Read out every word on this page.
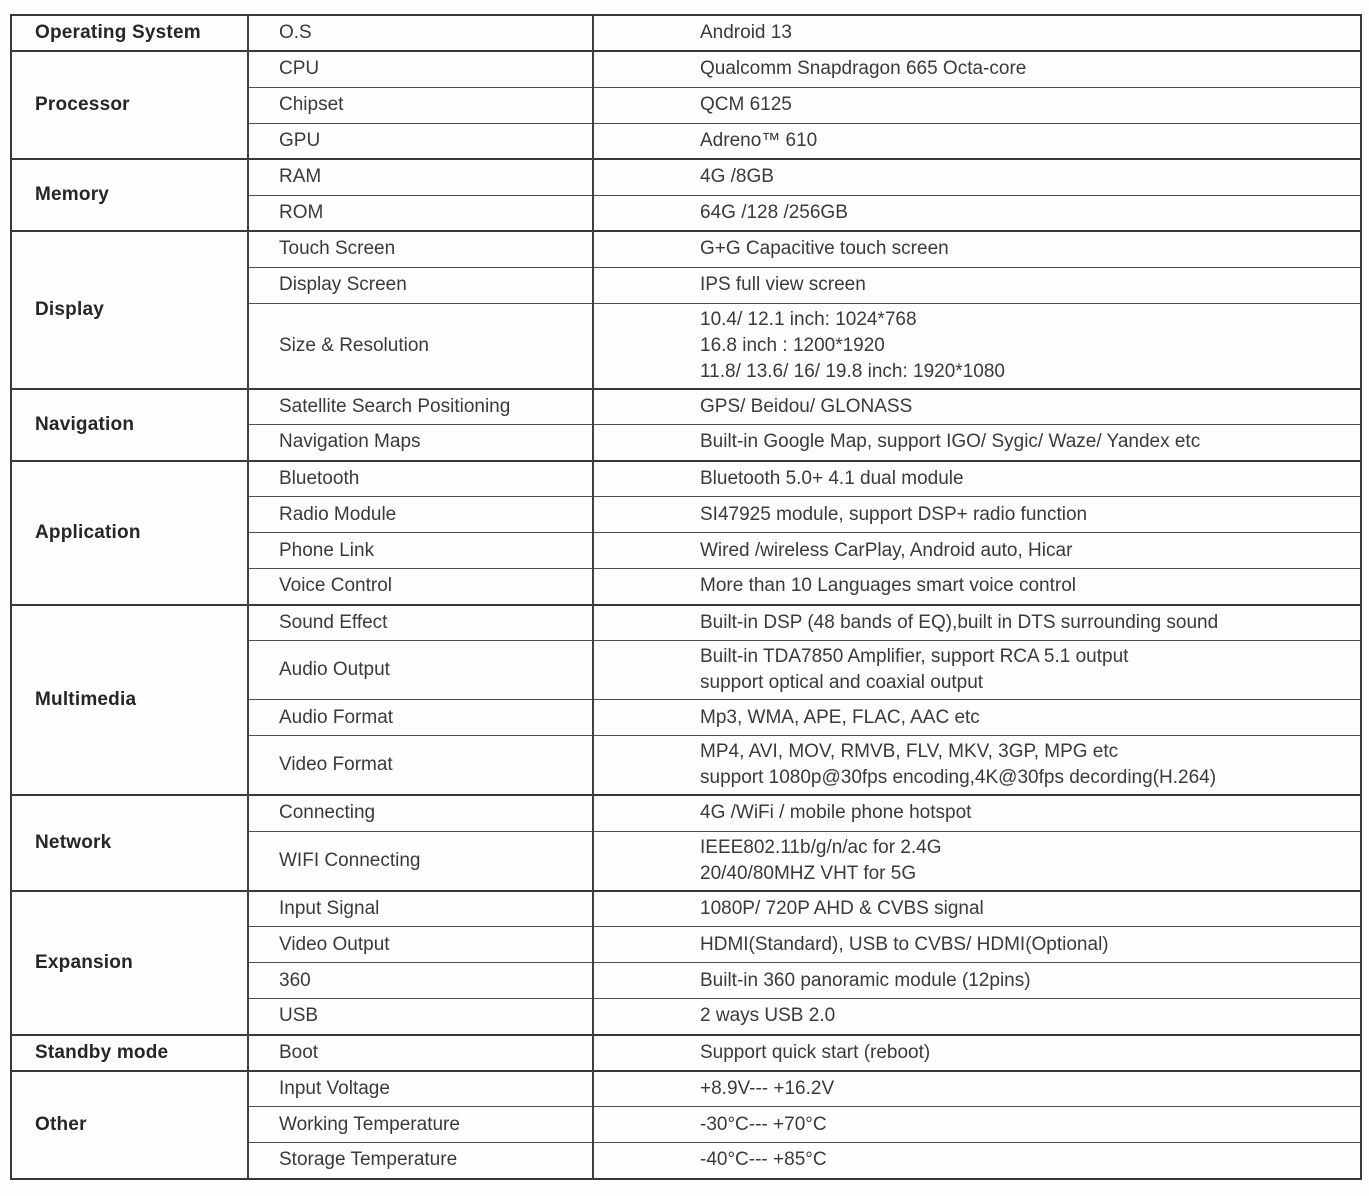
Operating System	O.S	Android 13

Processor	CPU	Qualcomm Snapdragon 665 Octa-core

	Chipset	QCM 6125

	GPU	Adreno™ 610

Memory	RAM	4G /8GB

	ROM	64G /128 /256GB

Display	Touch Screen	G+G Capacitive touch screen

	Display Screen	IPS full view screen

	Size & Resolution	10.4/ 12.1 inch: 1024*768
16.8 inch : 1200*1920
11.8/ 13.6/ 16/ 19.8 inch: 1920*1080

Navigation	Satellite Search Positioning	GPS/ Beidou/ GLONASS

	Navigation Maps	Built-in Google Map, support IGO/ Sygic/ Waze/ Yandex etc

Application	Bluetooth	Bluetooth 5.0+ 4.1 dual module

	Radio Module	SI47925 module, support DSP+ radio function

	Phone Link	Wired /wireless CarPlay, Android auto, Hicar

	Voice Control	More than 10 Languages smart voice control

Multimedia	Sound Effect	Built-in DSP (48 bands of EQ),built in DTS surrounding sound

	Audio Output	Built-in TDA7850 Amplifier, support RCA 5.1 output
support optical and coaxial output

	Audio Format	Mp3, WMA, APE, FLAC, AAC etc

	Video Format	MP4, AVI, MOV, RMVB, FLV, MKV, 3GP, MPG etc
support 1080p@30fps encoding,4K@30fps decording(H.264)

Network	Connecting	4G /WiFi / mobile phone hotspot

	WIFI Connecting	IEEE802.11b/g/n/ac for 2.4G
20/40/80MHZ VHT for 5G

Expansion	Input Signal	1080P/ 720P AHD & CVBS signal

	Video Output	HDMI(Standard), USB to CVBS/ HDMI(Optional)

	360	Built-in 360 panoramic module (12pins)

	USB	2 ways USB 2.0

Standby mode	Boot	Support quick start (reboot)

Other	Input Voltage	+8.9V--- +16.2V

	Working Temperature	-30°C--- +70°C

	Storage Temperature	-40°C--- +85°C
